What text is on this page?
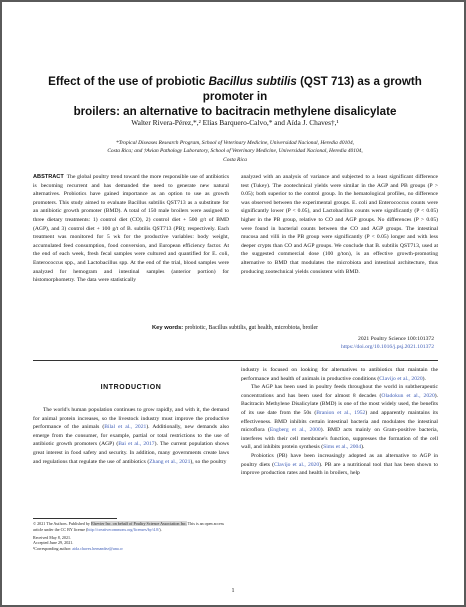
Effect of the use of probiotic Bacillus subtilis (QST 713) as a growth promoter in
broilers: an alternative to bacitracin methylene disalicylate
Walter Rivera-Pérez,*,² Elías Barquero-Calvo,* and Aída J. Chaves†,¹
*Tropical Diseases Research Program, School of Veterinary Medicine, Universidad Nacional, Heredia 40104,
Costa Rica; and †Avian Pathology Laboratory, School of Veterinary Medicine, Universidad Nacional, Heredia 40104,
Costa Rica
ABSTRACT The global poultry trend toward the more responsible use of antibiotics is becoming recurrent and has demanded the need to generate new natural alternatives. Probiotics have gained importance as an option to use as growth promoters. This study aimed to evaluate Bacillus subtilis QST713 as a substitute for an antibiotic growth promoter (BMD). A total of 150 male broilers were assigned to three dietary treatments: 1) control diet (CO), 2) control diet + 500 g/t of BMD (AGP), and 3) control diet + 100 g/t of B. subtilis QST713 (PB); respectively. Each treatment was monitored for 5 wk for the productive variables: body weight, accumulated feed consumption, food conversion, and European efficiency factor. At the end of each week, fresh fecal samples were cultured and quantified for E. coli, Enterococcus spp., and Lactobacillus spp. At the end of the trial, blood samples were analyzed for hemogram and intestinal samples (anterior portion) for histomorphometry. The data were statistically
analyzed with an analysis of variance and subjected to a least significant difference test (Tukey). The zootechnical yields were similar in the AGP and PB groups (P > 0.05); both superior to the control group. In the hematological profiles, no difference was observed between the experimental groups. E. coli and Enterococcus counts were significantly lower (P < 0.05), and Lactobacillus counts were significantly (P < 0.05) higher in the PB group, relative to CO and AGP groups. No differences (P > 0.05) were found in bacterial counts between the CO and AGP groups. The intestinal mucosa and villi in the PB group were significantly (P < 0.05) longer and with less deeper crypts than CO and AGP groups. We conclude that B. subtilis QST713, used at the suggested commercial dose (100 g/ton), is an effective growth-promoting alternative to BMD that modulates the microbiota and intestinal architecture, thus producing zootechnical yields consistent with BMD.
Key words: probiotic, Bacillus subtilis, gut health, microbiota, broiler
2021 Poultry Science 100:101372
https://doi.org/10.1016/j.psj.2021.101372
INTRODUCTION

The world's human population continues to grow rapidly, and with it, the demand for animal protein increases, so the livestock industry must improve the productive performance of the animals (Bilal et al., 2021). Additionally, new demands also emerge from the consumer, for example, partial or total restrictions to the use of antibiotic growth promoters (AGP) (Bai et al., 2017). The current population shows great interest in food safety and security. In addition, many governments create laws and regulations that regulate the use of antibiotics (Zhang et al., 2021), so the poultry

industry is focused on looking for alternatives to antibiotics that maintain the performance and health of animals in productive conditions (Clavijo et al., 2020).

The AGP has been used in poultry feeds throughout the world in subtherapeutic concentrations and has been used for almost 8 decades (Oladokun et al., 2020). Bacitracin Methylene Disalicylate (BMD) is one of the most widely used, the benefits of its use date from the 50s (Branion et al., 1952) and apparently maintains its effectiveness. BMD inhibits certain intestinal bacteria and modulates the intestinal microflora (Engberg et al., 2000). BMD acts mainly on Gram-positive bacteria, interferes with their cell membrane's function, suppresses the formation of the cell wall, and inhibits protein synthesis (Sims et al., 2004).

Probiotics (PB) have been increasingly adopted as an alternative to AGP in poultry diets (Clavijo et al., 2020). PB are a nutritional tool that has been shown to improve production rates and health in broilers, help

© 2021 The Authors. Published by Elsevier Inc. on behalf of Poultry Science Association Inc. This is an open access article under the CC BY license (http://creativecommons.org/licenses/by/4.0/).
Received May 8, 2021.
Accepted June 29, 2021.
¹Corresponding author: aida.chaves.hernandez@una.cr
1
